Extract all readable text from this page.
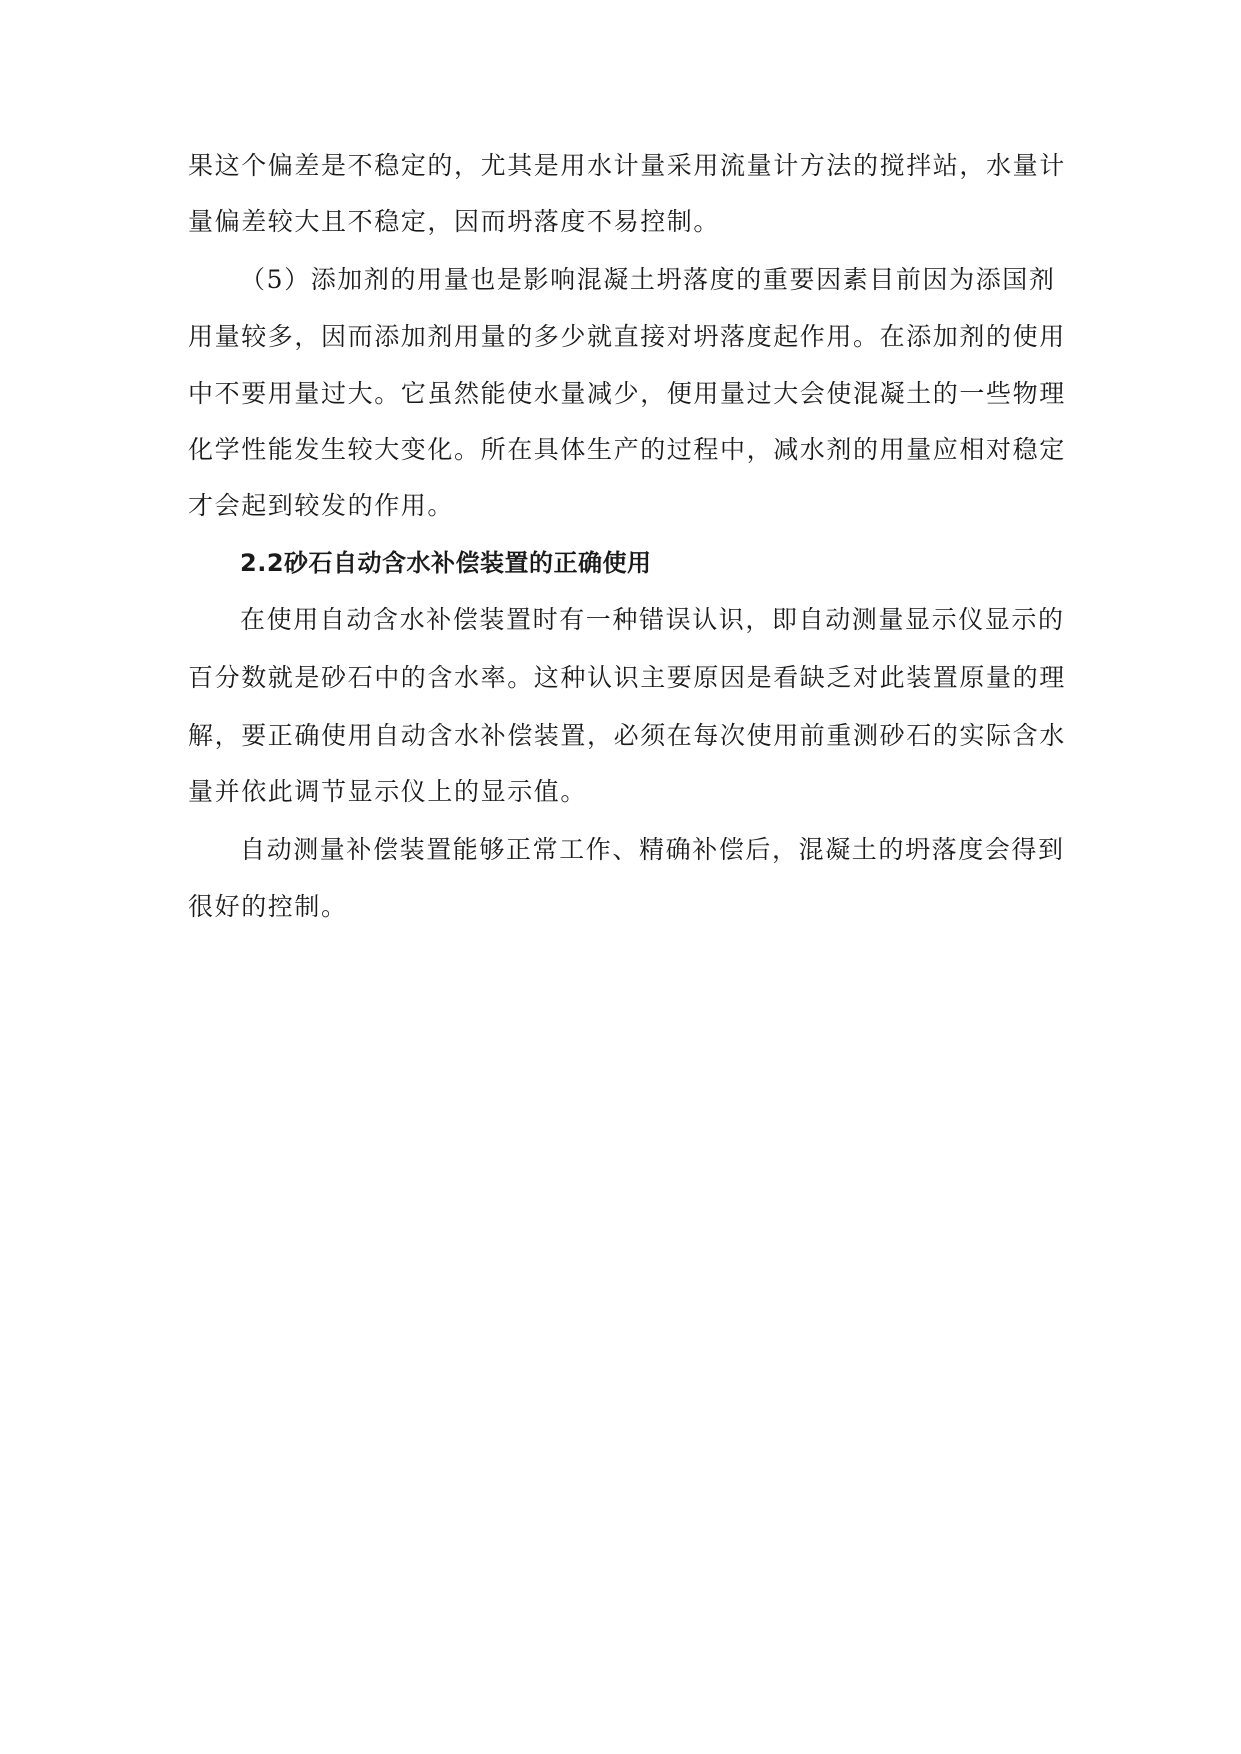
果这个偏差是不稳定的，尤其是用水计量采用流量计方法的搅拌站，水量计
量偏差较大且不稳定，因而坍落度不易控制。
（5）添加剂的用量也是影响混凝土坍落度的重要因素目前因为添国剂
用量较多，因而添加剂用量的多少就直接对坍落度起作用。在添加剂的使用
中不要用量过大。它虽然能使水量减少，便用量过大会使混凝土的一些物理
化学性能发生较大变化。所在具体生产的过程中，减水剂的用量应相对稳定
才会起到较发的作用。
2.2砂石自动含水补偿装置的正确使用
在使用自动含水补偿装置时有一种错误认识，即自动测量显示仪显示的
百分数就是砂石中的含水率。这种认识主要原因是看缺乏对此装置原量的理
解，要正确使用自动含水补偿装置，必须在每次使用前重测砂石的实际含水
量并依此调节显示仪上的显示值。
自动测量补偿装置能够正常工作、精确补偿后，混凝土的坍落度会得到
很好的控制。
